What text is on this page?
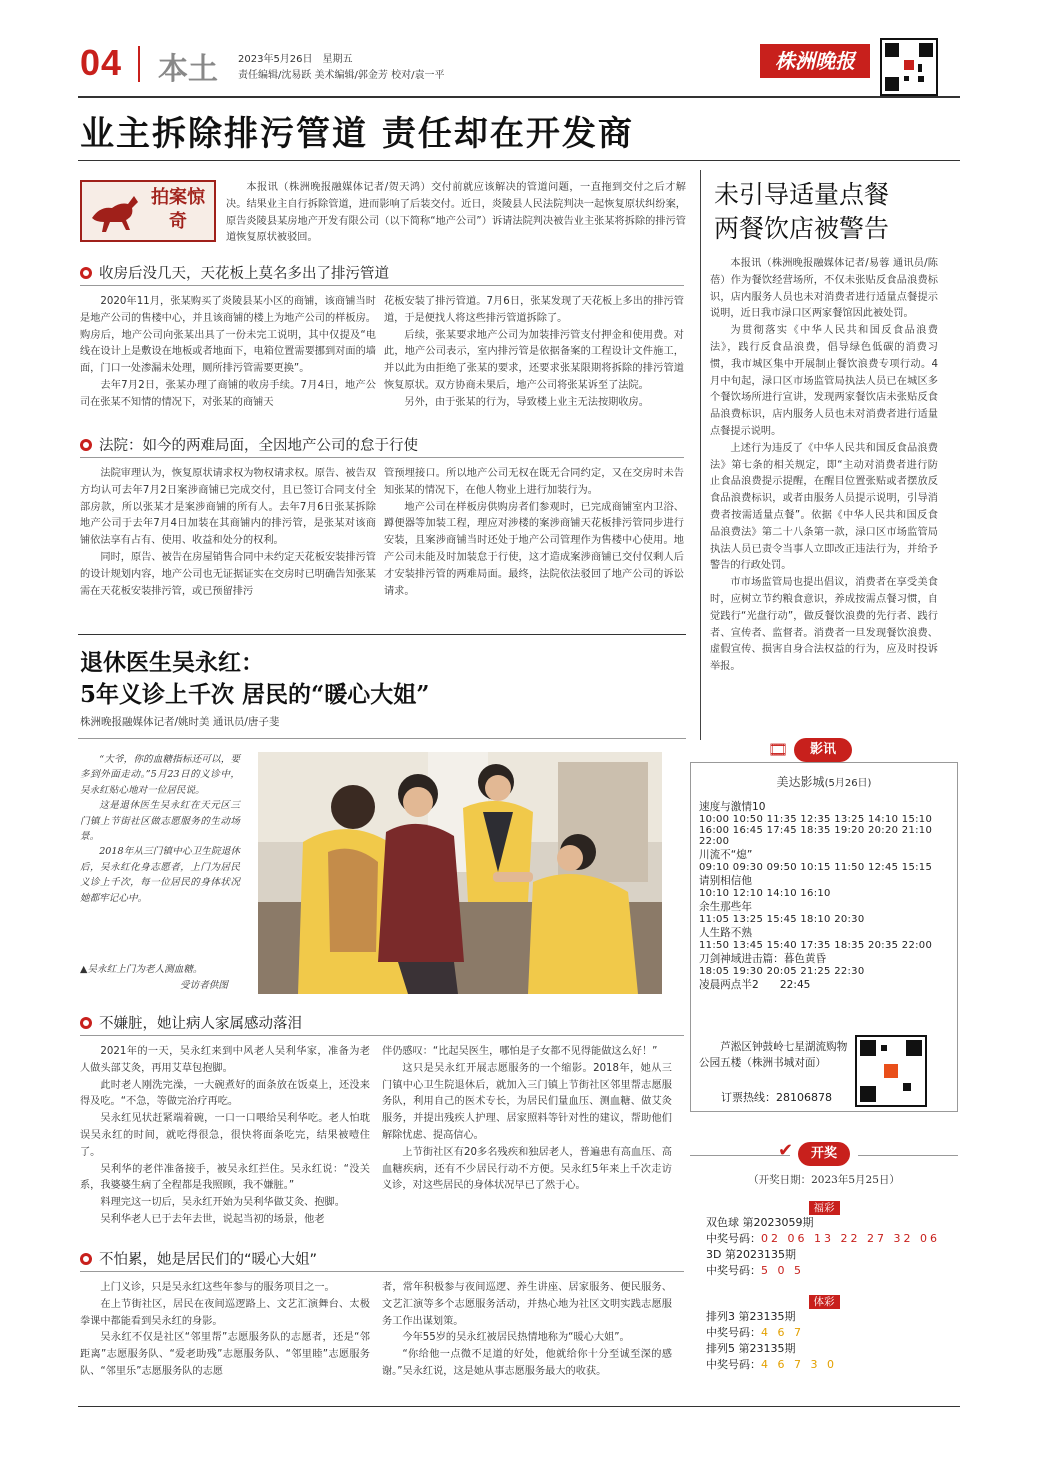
04 本土 2023年5月26日　星期五
责任编辑/沈易跃 美术编辑/郭金芳 校对/袁一平
株洲晚报
业主拆除排污管道 责任却在开发商
拍案惊奇
本报讯（株洲晚报融媒体记者/贺天鸿）交付前就应该解决的管道问题，一直拖到交付之后才解决。结果业主自行拆除管道，进而影响了后装交付。近日，炎陵县人民法院判决一起恢复原状纠纷案，原告炎陵县某房地产开发有限公司（以下简称“地产公司”）诉请法院判决被告业主张某将拆除的排污管道恢复原状被驳回。
收房后没几天，天花板上莫名多出了排污管道

2020年11月，张某购买了炎陵县某小区的商铺，该商铺当时是地产公司的售楼中心，并且该商铺的楼上为地产公司的样板房。购房后，地产公司向张某出具了一份未完工说明，其中仅提及“电线在设计上是敷设在地板或者地面下，电箱位置需要挪到对面的墙面，门口一处渗漏未处理，厕所排污管需要更换”。

去年7月2日，张某办理了商铺的收房手续。7月4日，地产公司在张某不知情的情况下，对张某的商铺天

花板安装了排污管道。7月6日，张某发现了天花板上多出的排污管道，于是便找人将这些排污管道拆除了。

后续，张某要求地产公司为加装排污管支付押金和使用费。对此，地产公司表示，室内排污管是依据备案的工程设计文件施工，并以此为由拒绝了张某的要求，还要求张某限期将拆除的排污管道恢复原状。双方协商未果后，地产公司将张某诉至了法院。

另外，由于张某的行为，导致楼上业主无法按期收房。

法院：如今的两难局面，全因地产公司的怠于行使

法院审理认为，恢复原状请求权为物权请求权。原告、被告双方均认可去年7月2日案涉商铺已完成交付，且已签订合同支付全部房款，所以张某才是案涉商铺的所有人。去年7月6日张某拆除地产公司于去年7月4日加装在其商铺内的排污管，是张某对该商铺依法享有占有、使用、收益和处分的权利。

同时，原告、被告在房屋销售合同中未约定天花板安装排污管的设计规划内容，地产公司也无证据证实在交房时已明确告知张某需在天花板安装排污管，或已预留排污

管预埋接口。所以地产公司无权在既无合同约定，又在交房时未告知张某的情况下，在他人物业上进行加装行为。

地产公司在样板房供购房者们参观时，已完成商铺室内卫浴、蹲便器等加装工程，理应对涉楼的案涉商铺天花板排污管同步进行安装，且案涉商铺当时还处于地产公司管理作为售楼中心使用。地产公司未能及时加装怠于行使，这才造成案涉商铺已交付仅剩人后才安装排污管的两难局面。最终，法院依法驳回了地产公司的诉讼请求。

未引导适量点餐
两餐饮店被警告

本报讯（株洲晚报融媒体记者/易蓉 通讯员/陈蓓）作为餐饮经营场所，不仅未张贴反食品浪费标识，店内服务人员也未对消费者进行适量点餐提示说明，近日我市渌口区两家餐馆因此被处罚。

为贯彻落实《中华人民共和国反食品浪费法》，践行反食品浪费，倡导绿色低碳的消费习惯，我市城区集中开展制止餐饮浪费专项行动。4月中旬起，渌口区市场监管局执法人员已在城区多个餐饮场所进行宣讲，发现两家餐饮店未张贴反食品浪费标识，店内服务人员也未对消费者进行适量点餐提示说明。

上述行为违反了《中华人民共和国反食品浪费法》第七条的相关规定，即“主动对消费者进行防止食品浪费提示提醒，在醒目位置张贴或者摆放反食品浪费标识，或者由服务人员提示说明，引导消费者按需适量点餐”。依据《中华人民共和国反食品浪费法》第二十八条第一款，渌口区市场监管局执法人员已责令当事人立即改正违法行为，并给予警告的行政处罚。

市市场监管局也提出倡议，消费者在享受美食时，应树立节约粮食意识，养成按需点餐习惯，自觉践行“光盘行动”，做反餐饮浪费的先行者、践行者、宣传者、监督者。消费者一旦发现餐饮浪费、虚假宣传、损害自身合法权益的行为，应及时投诉举报。

退休医生吴永红：
5年义诊上千次 居民的“暖心大姐”
株洲晚报融媒体记者/姚时美 通讯员/唐子斐

“大爷，你的血糖指标还可以，要多到外面走动。”5月23日的义诊中，吴永红贴心地对一位居民说。

这是退休医生吴永红在天元区三门镇上节街社区做志愿服务的生动场景。

2018年从三门镇中心卫生院退休后，吴永红化身志愿者，上门为居民义诊上千次，每一位居民的身体状况她都牢记心中。

▲吴永红上门为老人测血糖。
受访者供图
不嫌脏，她让病人家属感动落泪

2021年的一天，吴永红来到中风老人吴利华家，准备为老人做头部艾灸，再用艾草包抱脚。

此时老人刚洗完澡，一大碗煮好的面条放在饭桌上，还没来得及吃。“不急，等做完治疗再吃。

吴永红见状赶紧端着碗，一口一口喂给吴利华吃。老人怕耽误吴永红的时间，就吃得很急，很快将面条吃完，结果被噎住了。

吴利华的老伴准备接手，被吴永红拦住。吴永红说：“没关系，我婆婆生病了全程都是我照顾，我不嫌脏。”

料理完这一切后，吴永红开始为吴利华做艾灸、抱脚。

吴利华老人已于去年去世，说起当初的场景，他老

伴仍感叹：“比起吴医生，哪怕是子女都不见得能做这么好！”

这只是吴永红开展志愿服务的一个缩影。2018年，她从三门镇中心卫生院退休后，就加入三门镇上节街社区邻里帮志愿服务队，利用自己的医术专长，为居民们量血压、测血糖、做艾灸服务，并提出残疾人护理、居家照料等针对性的建议，帮助他们解除忧虑、提高信心。

上节街社区有20多名残疾和独居老人，普遍患有高血压、高血糖疾病，还有不少居民行动不方便。吴永红5年来上千次走访义诊，对这些居民的身体状况早已了然于心。

不怕累，她是居民们的“暖心大姐”

上门义诊，只是吴永红这些年参与的服务项目之一。

在上节街社区，居民在夜间巡逻路上、文艺汇演舞台、太极拳课中都能看到吴永红的身影。

吴永红不仅是社区“邻里帮”志愿服务队的志愿者，还是“邻距离”志愿服务队、“爱老助残”志愿服务队、“邻里睦”志愿服务队、“邻里乐”志愿服务队的志愿

者，常年积极参与夜间巡逻、养生讲座、居家服务、便民服务、文艺汇演等多个志愿服务活动，并热心地为社区文明实践志愿服务工作出谋划策。

今年55岁的吴永红被居民热情地称为“暖心大姐”。

“你给他一点微不足道的好处，他就给你十分至诚至深的感谢。”吴永红说，这是她从事志愿服务最大的收获。

影讯
🎞
美达影城(5月26日)
速度与激情10
10:00 10:50 11:35 12:35 13:25 14:10 15:10
16:00 16:45 17:45 18:35 19:20 20:20 21:10
22:00
川流不“熄”
09:10 09:30 09:50 10:15 11:50 12:45 15:15
请别相信他
10:10 12:10 14:10 16:10
余生那些年
11:05 13:25 15:45 18:10 20:30
人生路不熟
11:50 13:45 15:40 17:35 18:35 20:35 22:00
刀剑神域进击篇：暮色黄昏
18:05 19:30 20:05 21:25 22:30
凌晨两点半2　　22:45
芦淞区钟鼓岭七星湖流购物公园五楼（株洲书城对面）
订票热线：28106878
开奖
✔
（开奖日期：2023年5月25日）
福彩
双色球 第2023059期
中奖号码：02 06 13 22 27 32 06
3D 第2023135期
中奖号码：5 0 5
体彩
排列3 第23135期
中奖号码：4 6 7
排列5 第23135期
中奖号码：4 6 7 3 0
